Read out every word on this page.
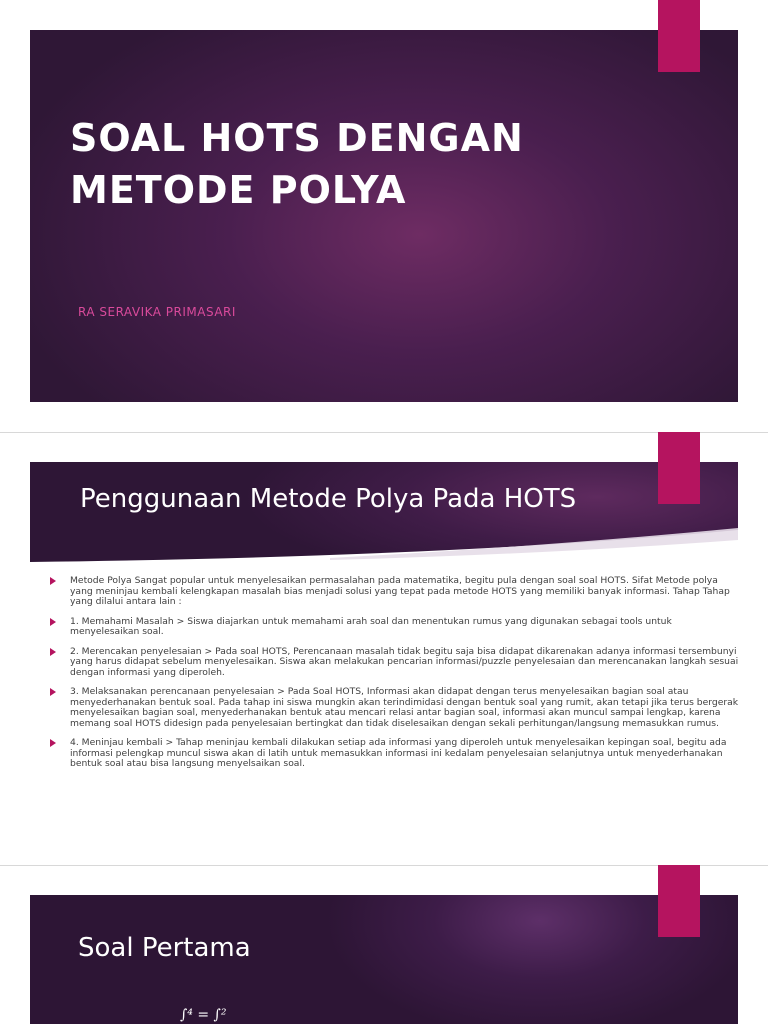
SOAL HOTS DENGAN METODE POLYA
RA SERAVIKA PRIMASARI
Penggunaan Metode Polya Pada HOTS
Metode Polya Sangat popular untuk menyelesaikan permasalahan pada matematika, begitu pula dengan soal soal HOTS. Sifat Metode polya yang meninjau kembali kelengkapan masalah bias menjadi solusi yang tepat pada metode HOTS yang memiliki banyak informasi. Tahap Tahap yang dilalui antara lain :
1. Memahami Masalah > Siswa diajarkan untuk memahami arah soal dan menentukan rumus yang digunakan sebagai tools untuk menyelesaikan soal.
2. Merencakan penyelesaian > Pada soal HOTS, Perencanaan masalah tidak begitu saja bisa didapat dikarenakan adanya informasi tersembunyi yang harus didapat sebelum menyelesaikan. Siswa akan melakukan pencarian informasi/puzzle penyelesaian dan merencanakan langkah sesuai dengan informasi yang diperoleh.
3. Melaksanakan perencanaan penyelesaian > Pada Soal HOTS, Informasi akan didapat dengan terus menyelesaikan bagian soal atau menyederhanakan bentuk soal. Pada tahap ini siswa mungkin akan terindimidasi dengan bentuk soal yang rumit, akan tetapi jika terus bergerak menyelesaikan bagian soal, menyederhanakan bentuk atau mencari relasi antar bagian soal, informasi akan muncul sampai lengkap, karena memang soal HOTS didesign pada penyelesaian bertingkat dan tidak diselesaikan dengan sekali perhitungan/langsung memasukkan rumus.
4. Meninjau kembali > Tahap meninjau kembali dilakukan setiap ada informasi yang diperoleh untuk menyelesaikan kepingan soal, begitu ada informasi pelengkap muncul siswa akan di latih untuk memasukkan informasi ini kedalam penyelesaian selanjutnya untuk menyederhanakan bentuk soal atau bisa langsung menyelsaikan soal.
Soal Pertama
∫⁴ = ∫²
